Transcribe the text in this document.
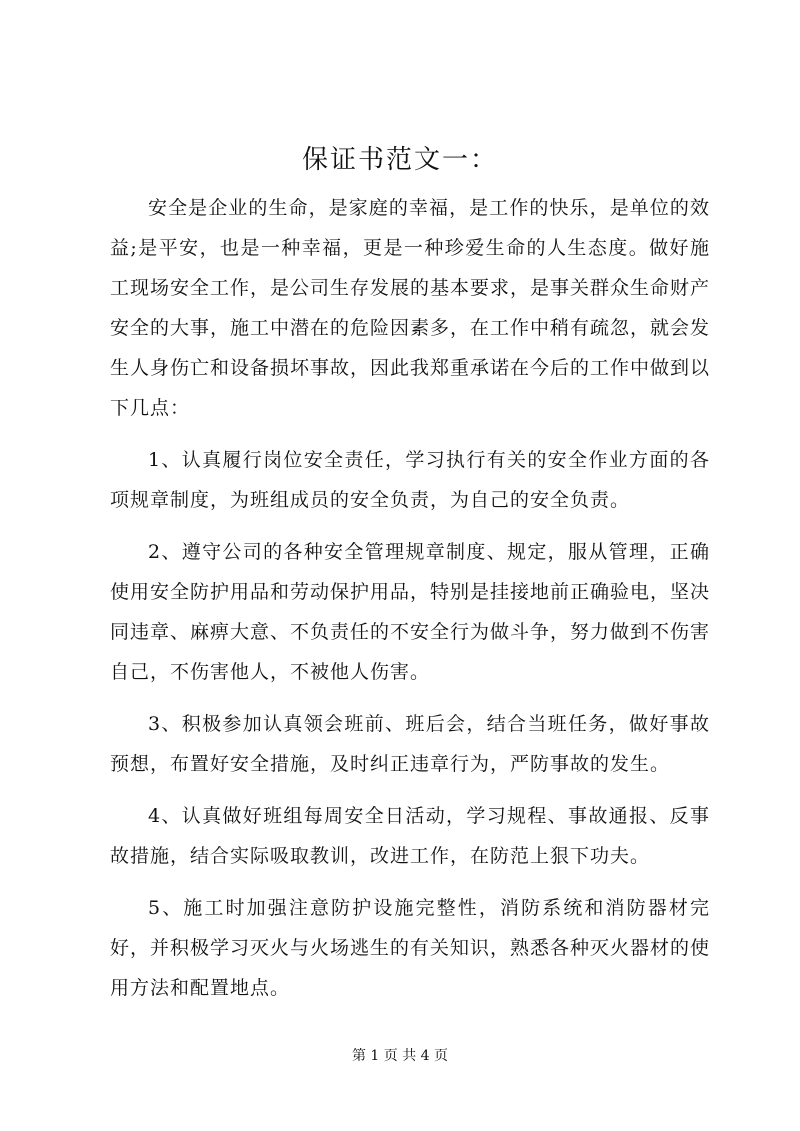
保证书范文一：

安全是企业的生命，是家庭的幸福，是工作的快乐，是单位的效益;是平安，也是一种幸福，更是一种珍爱生命的人生态度。做好施工现场安全工作，是公司生存发展的基本要求，是事关群众生命财产安全的大事，施工中潜在的危险因素多，在工作中稍有疏忽，就会发生人身伤亡和设备损坏事故，因此我郑重承诺在今后的工作中做到以下几点：

1、认真履行岗位安全责任，学习执行有关的安全作业方面的各项规章制度，为班组成员的安全负责，为自己的安全负责。

2、遵守公司的各种安全管理规章制度、规定，服从管理，正确使用安全防护用品和劳动保护用品，特别是挂接地前正确验电，坚决同违章、麻痹大意、不负责任的不安全行为做斗争，努力做到不伤害自己，不伤害他人，不被他人伤害。

3、积极参加认真领会班前、班后会，结合当班任务，做好事故预想，布置好安全措施，及时纠正违章行为，严防事故的发生。

4、认真做好班组每周安全日活动，学习规程、事故通报、反事故措施，结合实际吸取教训，改进工作，在防范上狠下功夫。

5、施工时加强注意防护设施完整性，消防系统和消防器材完好，并积极学习灭火与火场逃生的有关知识，熟悉各种灭火器材的使用方法和配置地点。

第 1 页 共 4 页
